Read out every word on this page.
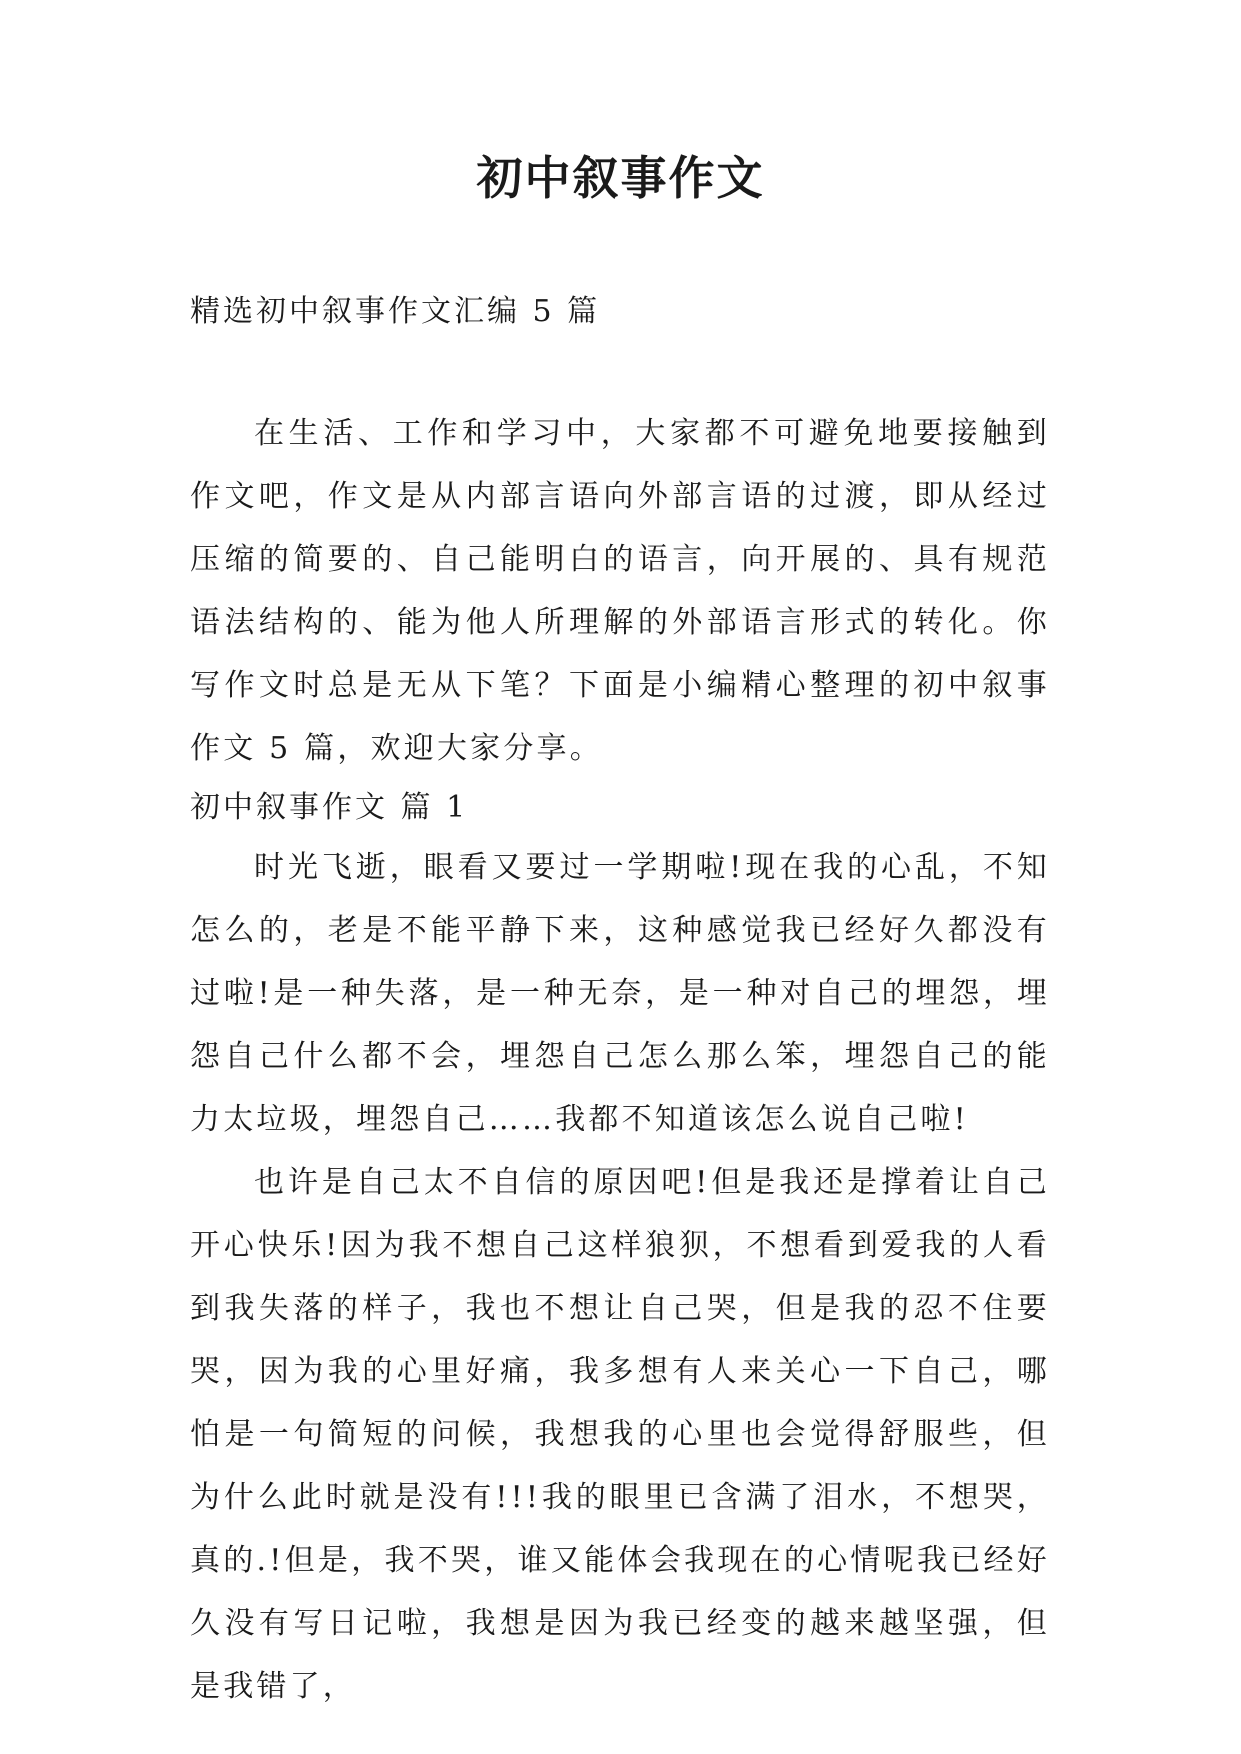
初中叙事作文

精选初中叙事作文汇编 5 篇

在生活、工作和学习中，大家都不可避免地要接触到作文吧，作文是从内部言语向外部言语的过渡，即从经过压缩的简要的、自己能明白的语言，向开展的、具有规范语法结构的、能为他人所理解的外部语言形式的转化。你写作文时总是无从下笔？下面是小编精心整理的初中叙事作文 5 篇，欢迎大家分享。

初中叙事作文 篇 1

时光飞逝，眼看又要过一学期啦!现在我的心乱，不知怎么的，老是不能平静下来，这种感觉我已经好久都没有过啦!是一种失落，是一种无奈，是一种对自己的埋怨，埋怨自己什么都不会，埋怨自己怎么那么笨，埋怨自己的能力太垃圾，埋怨自己……我都不知道该怎么说自己啦!

也许是自己太不自信的原因吧!但是我还是撑着让自己开心快乐!因为我不想自己这样狼狈，不想看到爱我的人看到我失落的样子，我也不想让自己哭，但是我的忍不住要哭，因为我的心里好痛，我多想有人来关心一下自己，哪怕是一句简短的问候，我想我的心里也会觉得舒服些，但为什么此时就是没有!!!我的眼里已含满了泪水，不想哭，真的.!但是，我不哭，谁又能体会我现在的心情呢我已经好久没有写日记啦，我想是因为我已经变的越来越坚强，但是我错了，
